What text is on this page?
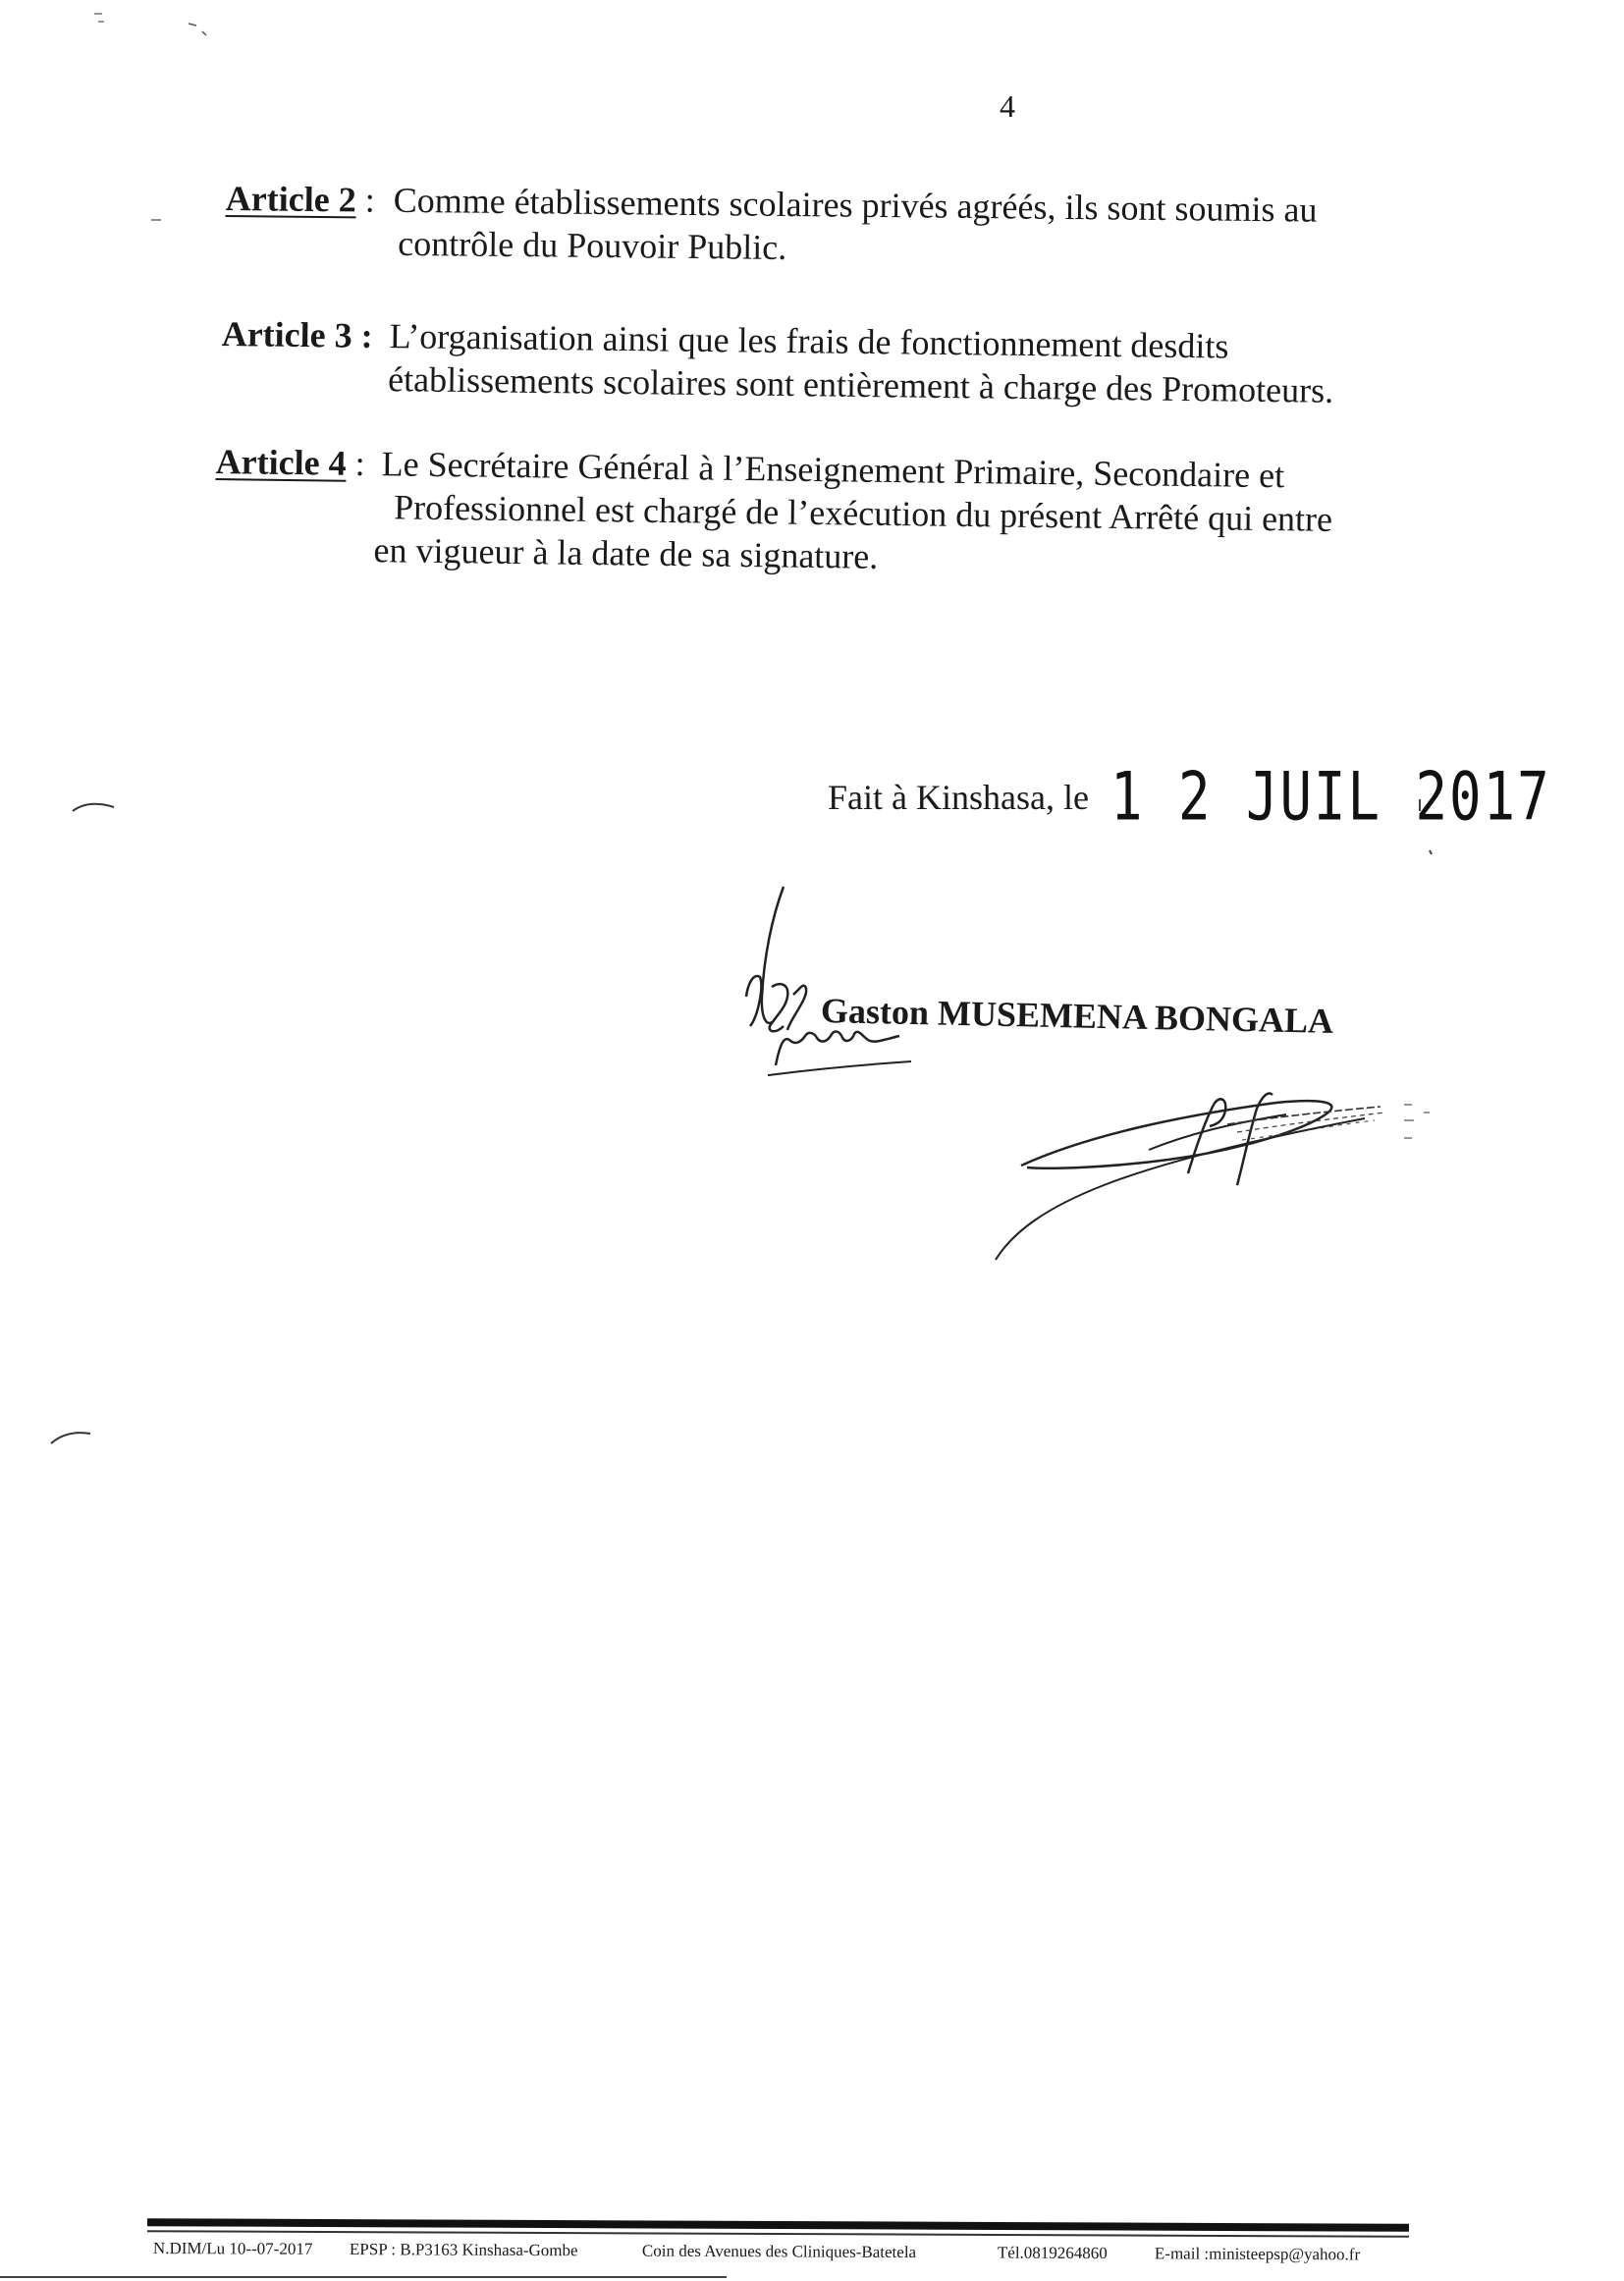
4
Article 2 : Comme établissements scolaires privés agréés, ils sont soumis au
contrôle du Pouvoir Public.
Article 3 : L’organisation ainsi que les frais de fonctionnement desdits
établissements scolaires sont entièrement à charge des Promoteurs.
Article 4 : Le Secrétaire Général à l’Enseignement Primaire, Secondaire et
Professionnel est chargé de l’exécution du présent Arrêté qui entre
en vigueur à la date de sa signature.
Fait à Kinshasa, le 1 2 JUIL 2017
Gaston MUSEMENA BONGALA
N.DIM/Lu 10--07-2017 EPSP : B.P3163 Kinshasa-Gombe	Coin des Avenues des Cliniques-Batetela	Tél.0819264860	E-mail :ministeepsp@yahoo.fr
